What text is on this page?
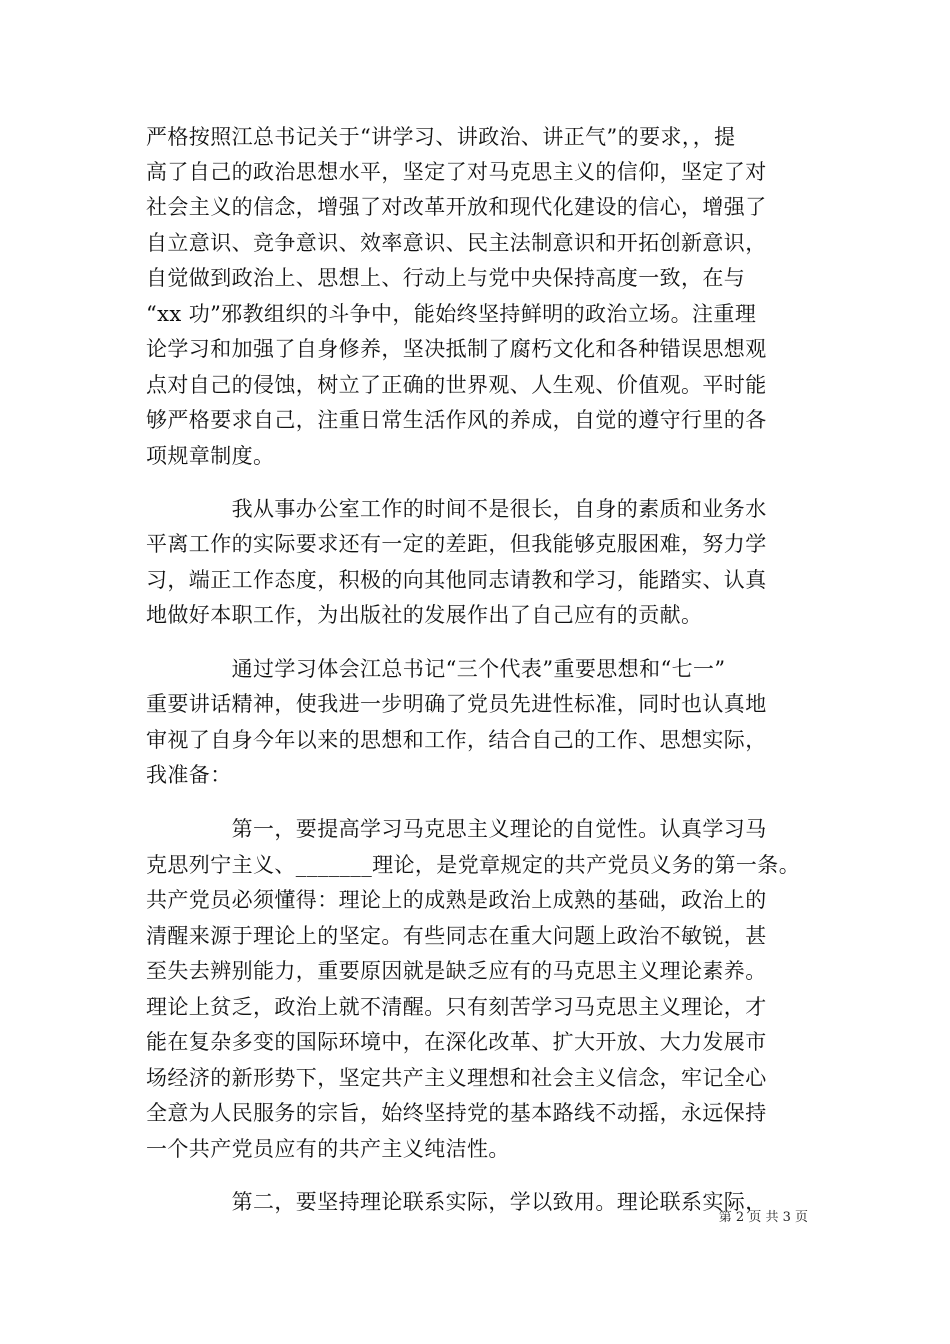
严格按照江总书记关于“讲学习、讲政治、讲正气”的要求，，提
高了自己的政治思想水平，坚定了对马克思主义的信仰，坚定了对
社会主义的信念，增强了对改革开放和现代化建设的信心，增强了
自立意识、竞争意识、效率意识、民主法制意识和开拓创新意识，
自觉做到政治上、思想上、行动上与党中央保持高度一致，在与
“xx 功”邪教组织的斗争中，能始终坚持鲜明的政治立场。注重理
论学习和加强了自身修养，坚决抵制了腐朽文化和各种错误思想观
点对自己的侵蚀，树立了正确的世界观、人生观、价值观。平时能
够严格要求自己，注重日常生活作风的养成，自觉的遵守行里的各
项规章制度。
　　　　我从事办公室工作的时间不是很长，自身的素质和业务水
平离工作的实际要求还有一定的差距，但我能够克服困难，努力学
习，端正工作态度，积极的向其他同志请教和学习，能踏实、认真
地做好本职工作，为出版社的发展作出了自己应有的贡献。
　　　　通过学习体会江总书记“三个代表”重要思想和“七一”
重要讲话精神，使我进一步明确了党员先进性标准，同时也认真地
审视了自身今年以来的思想和工作，结合自己的工作、思想实际，
我准备：
　　　　第一，要提高学习马克思主义理论的自觉性。认真学习马
克思列宁主义、_______理论，是党章规定的共产党员义务的第一条。
共产党员必须懂得：理论上的成熟是政治上成熟的基础，政治上的
清醒来源于理论上的坚定。有些同志在重大问题上政治不敏锐，甚
至失去辨别能力，重要原因就是缺乏应有的马克思主义理论素养。
理论上贫乏，政治上就不清醒。只有刻苦学习马克思主义理论，才
能在复杂多变的国际环境中，在深化改革、扩大开放、大力发展市
场经济的新形势下，坚定共产主义理想和社会主义信念，牢记全心
全意为人民服务的宗旨，始终坚持党的基本路线不动摇，永远保持
一个共产党员应有的共产主义纯洁性。
　　　　第二，要坚持理论联系实际，学以致用。理论联系实际，
第 2 页 共 3 页
